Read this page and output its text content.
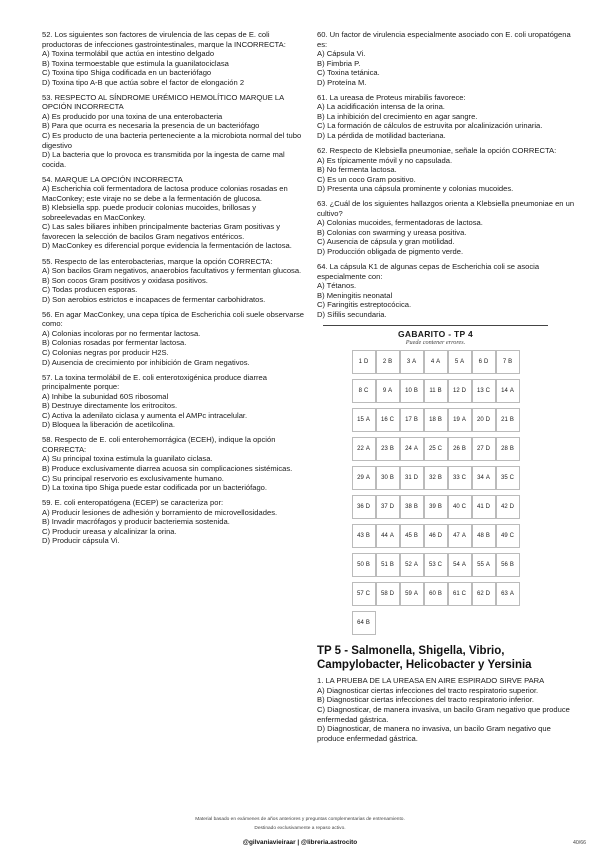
52. Los siguientes son factores de virulencia de las cepas de E. coli productoras de infecciones gastrointestinales, marque la INCORRECTA:

A) Toxina termolábil que actúa en intestino delgado

B) Toxina termoestable que estimula la guanilatociclasa

C) Toxina tipo Shiga codificada en un bacteriófago

D) Toxina tipo A-B que actúa sobre el factor de elongación 2

53. RESPECTO AL SÍNDROME URÉMICO HEMOLÍTICO MARQUE LA OPCIÓN INCORRECTA

A) Es producido por una toxina de una enterobacteria

B) Para que ocurra es necesaria la presencia de un bacteriófago

C) Es producto de una bacteria perteneciente a la microbiota normal del tubo digestivo

D) La bacteria que lo provoca es transmitida por la ingesta de carne mal cocida.

54. MARQUE LA OPCIÓN INCORRECTA

A) Escherichia coli fermentadora de lactosa produce colonias rosadas en MacConkey; este viraje no se debe a la fermentación de glucosa.

B) Klebsiella spp. puede producir colonias mucoides, brillosas y sobreelevadas en MacConkey.

C) Las sales biliares inhiben principalmente bacterias Gram positivas y favorecen la selección de bacilos Gram negativos entéricos.

D) MacConkey es diferencial porque evidencia la fermentación de lactosa.

55. Respecto de las enterobacterias, marque la opción CORRECTA:

A) Son bacilos Gram negativos, anaerobios facultativos y fermentan glucosa.

B) Son cocos Gram positivos y oxidasa positivos.

C) Todas producen esporas.

D) Son aerobios estrictos e incapaces de fermentar carbohidratos.

56. En agar MacConkey, una cepa típica de Escherichia coli suele observarse como:

A) Colonias incoloras por no fermentar lactosa.

B) Colonias rosadas por fermentar lactosa.

C) Colonias negras por producir H2S.

D) Ausencia de crecimiento por inhibición de Gram negativos.

57. La toxina termolábil de E. coli enterotoxigénica produce diarrea principalmente porque:

A) Inhibe la subunidad 60S ribosomal

B) Destruye directamente los eritrocitos.

C) Activa la adenilato ciclasa y aumenta el AMPc intracelular.

D) Bloquea la liberación de acetilcolina.

58. Respecto de E. coli enterohemorrágica (ECEH), indique la opción CORRECTA:

A) Su principal toxina estimula la guanilato ciclasa.

B) Produce exclusivamente diarrea acuosa sin complicaciones sistémicas.

C) Su principal reservorio es exclusivamente humano.

D) La toxina tipo Shiga puede estar codificada por un bacteriófago.

59. E. coli enteropatógena (ECEP) se caracteriza por:

A) Producir lesiones de adhesión y borramiento de microvellosidades.

B) Invadir macrófagos y producir bacteriemia sostenida.

C) Producir ureasa y alcalinizar la orina.

D) Producir cápsula Vi.

60. Un factor de virulencia especialmente asociado con E. coli uropatógena es:

A) Cápsula Vi.

B) Fimbria P.

C) Toxina tetánica.

D) Proteína M.

61. La ureasa de Proteus mirabilis favorece:

A) La acidificación intensa de la orina.

B) La inhibición del crecimiento en agar sangre.

C) La formación de cálculos de estruvita por alcalinización urinaria.

D) La pérdida de motilidad bacteriana.

62. Respecto de Klebsiella pneumoniae, señale la opción CORRECTA:

A) Es típicamente móvil y no capsulada.

B) No fermenta lactosa.

C) Es un coco Gram positivo.

D) Presenta una cápsula prominente y colonias mucoides.

63. ¿Cuál de los siguientes hallazgos orienta a Klebsiella pneumoniae en un cultivo?

A) Colonias mucoides, fermentadoras de lactosa.

B) Colonias con swarming y ureasa positiva.

C) Ausencia de cápsula y gran motilidad.

D) Producción obligada de pigmento verde.

64. La cápsula K1 de algunas cepas de Escherichia coli se asocia especialmente con:

A) Tétanos.

B) Meningitis neonatal

C) Faringitis estreptocócica.

D) Sífilis secundaria.

GABARITO - TP 4
Puede contener errores.
1 D 2 B 3 A 4 A 5 A 6 D 7 B
8 C 9 A 10 B 11 B 12 D 13 C 14 A
15 A 16 C 17 B 18 B 19 A 20 D 21 B
22 A 23 B 24 A 25 C 26 B 27 D 28 B
29 A 30 B 31 D 32 B 33 C 34 A 35 C
36 D 37 D 38 B 39 B 40 C 41 D 42 D
43 B 44 A 45 B 46 D 47 A 48 B 49 C
50 B 51 B 52 A 53 C 54 A 55 A 56 B
57 C 58 D 59 A 60 B 61 C 62 D 63 A
64 B
TP 5 - Salmonella, Shigella, Vibrio, Campylobacter, Helicobacter y Yersinia

1. LA PRUEBA DE LA UREASA EN AIRE ESPIRADO SIRVE PARA

A) Diagnosticar ciertas infecciones del tracto respiratorio superior.

B) Diagnosticar ciertas infecciones del tracto respiratorio inferior.

C) Diagnosticar, de manera invasiva, un bacilo Gram negativo que produce enfermedad gástrica.

D) Diagnosticar, de manera no invasiva, un bacilo Gram negativo que produce enfermedad gástrica.

Material basado en exámenes de años anteriores y preguntas complementarias de entrenamiento.
Destinado exclusivamente a repaso activo.
@gilvaniavieiraar | @libreria.astrocito	40/66
